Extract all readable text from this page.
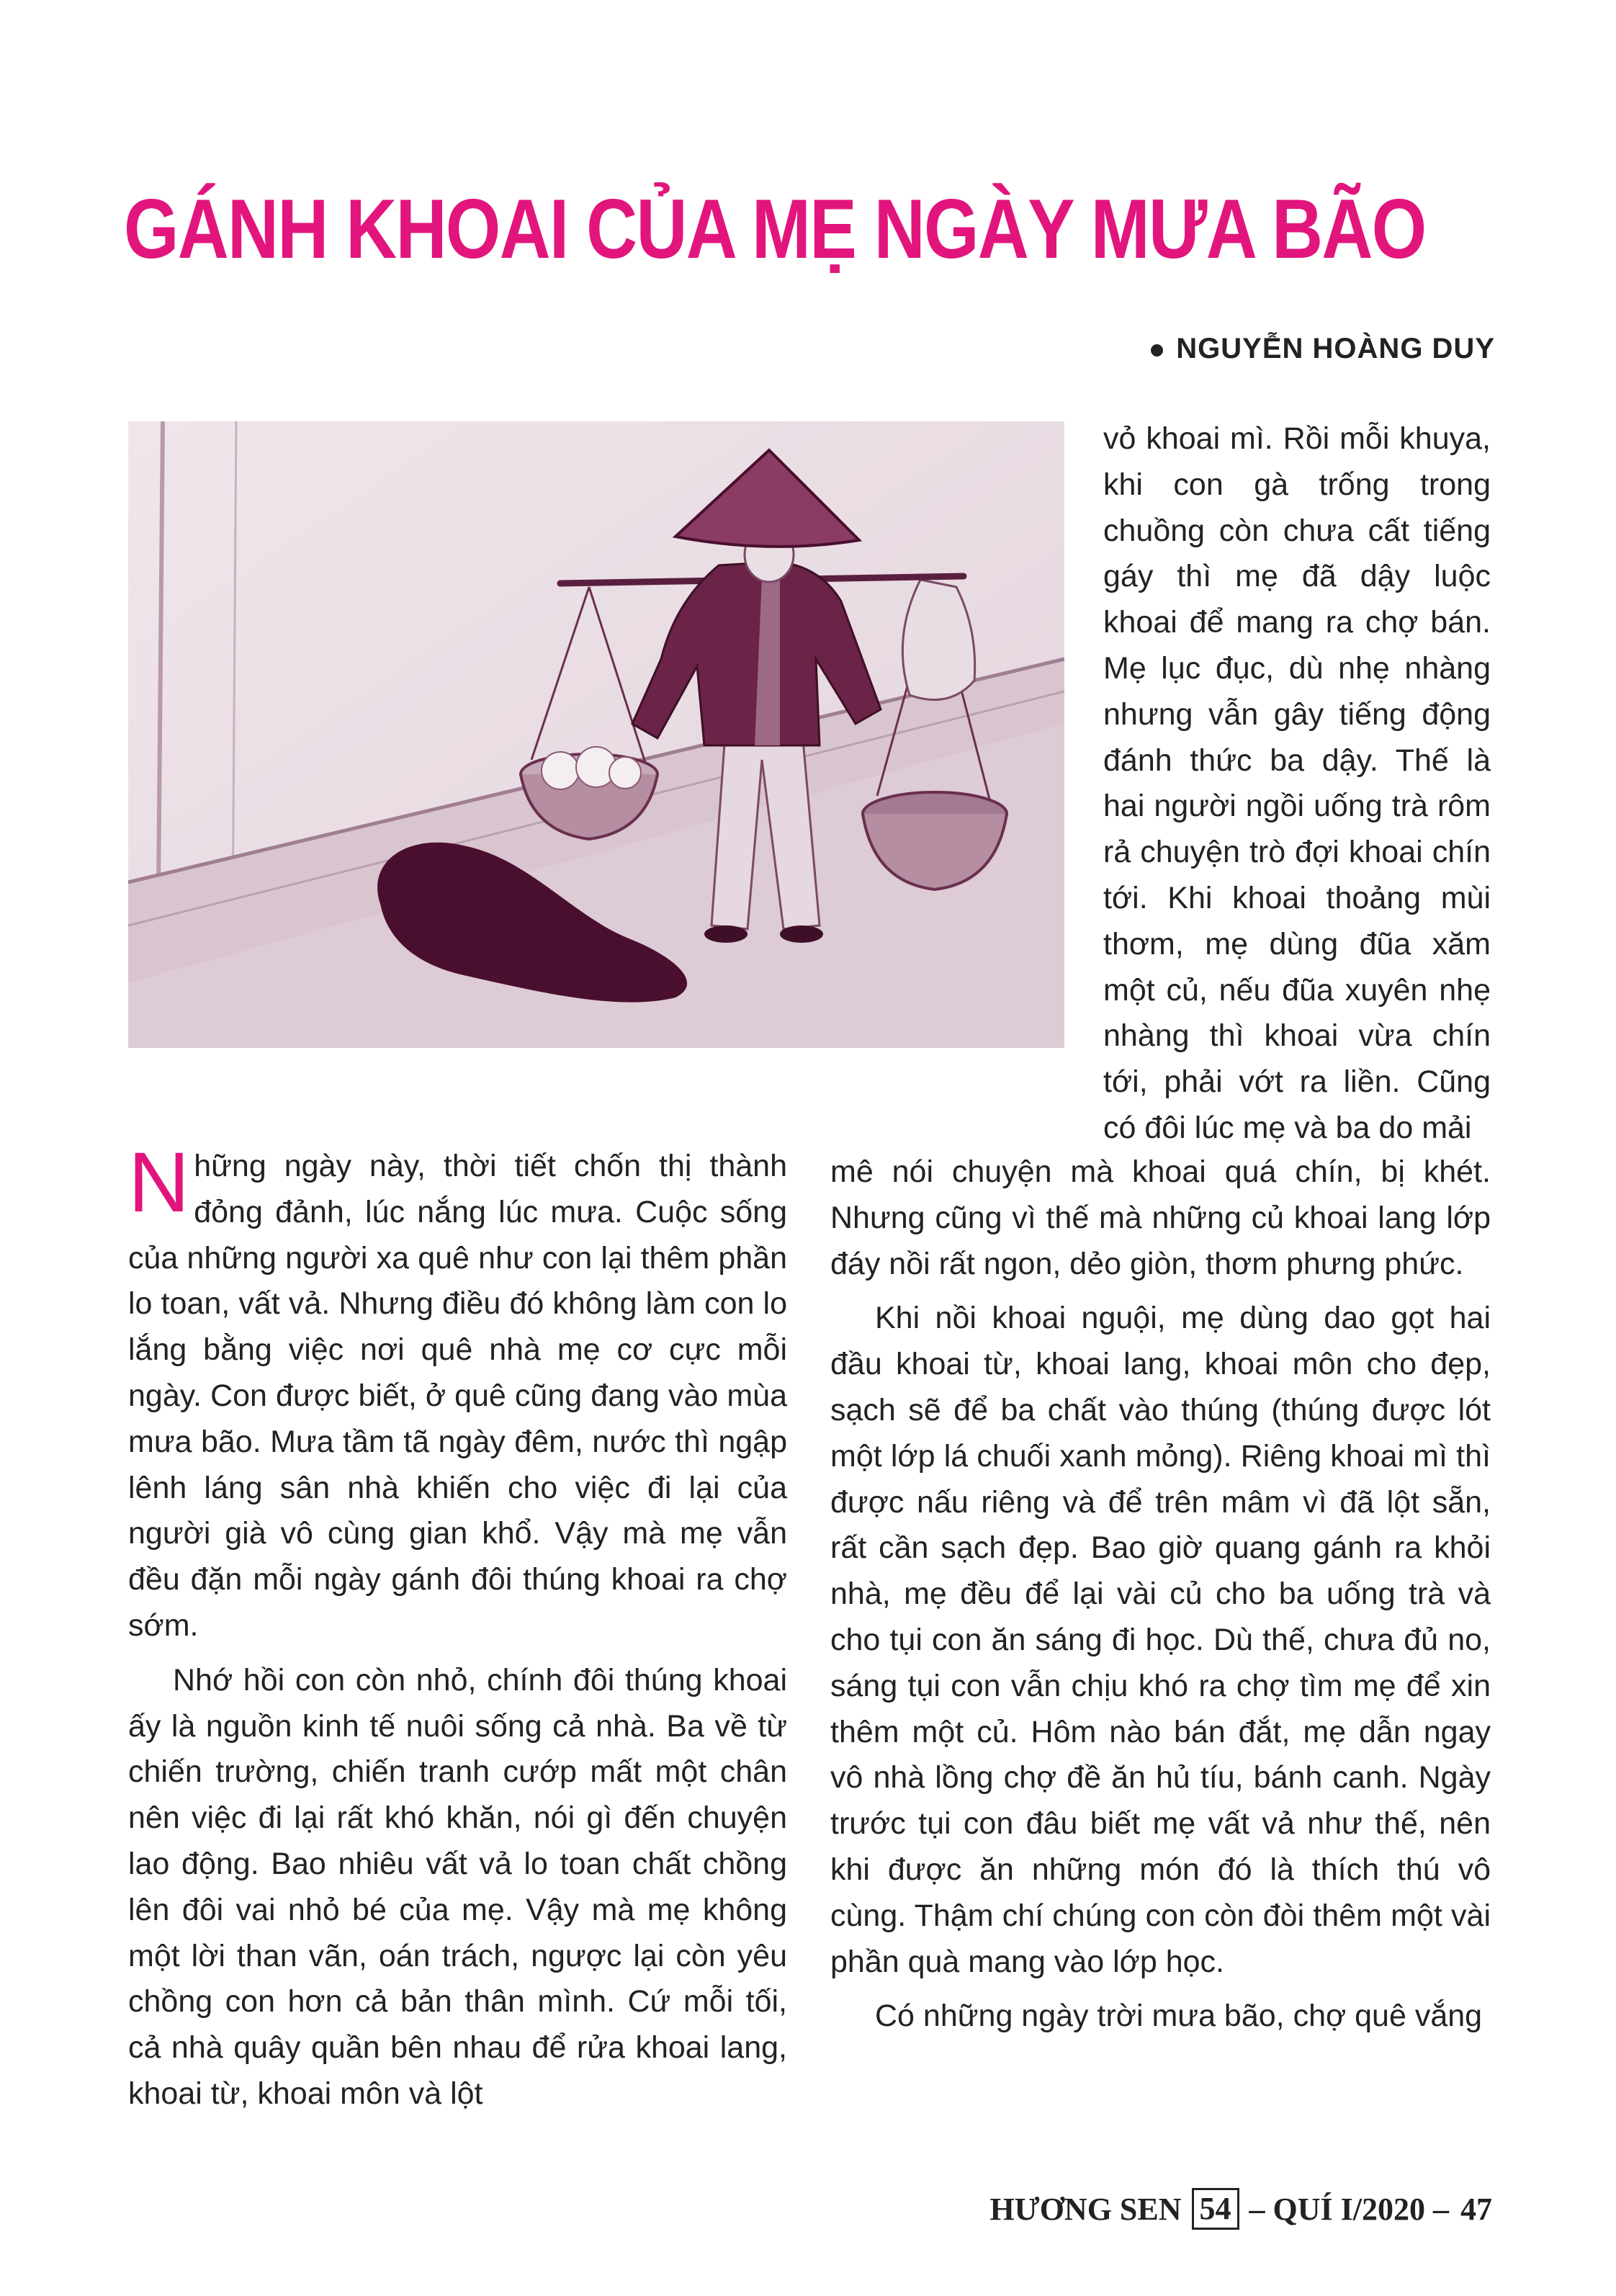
GÁNH KHOAI CỦA MẸ NGÀY MƯA BÃO
NGUYỄN HOÀNG DUY

vỏ khoai mì. Rồi mỗi khuya, khi con gà trống trong chuồng còn chưa cất tiếng gáy thì mẹ đã dậy luộc khoai để mang ra chợ bán. Mẹ lục đục, dù nhẹ nhàng nhưng vẫn gây tiếng động đánh thức ba dậy. Thế là hai người ngồi uống trà rôm rả chuyện trò đợi khoai chín tới. Khi khoai thoảng mùi thơm, mẹ dùng đũa xăm một củ, nếu đũa xuyên nhẹ nhàng thì khoai vừa chín tới, phải vớt ra liền. Cũng có đôi lúc mẹ và ba do mải

Những ngày này, thời tiết chốn thị thành đỏng đảnh, lúc nắng lúc mưa. Cuộc sống của những người xa quê như con lại thêm phần lo toan, vất vả. Nhưng điều đó không làm con lo lắng bằng việc nơi quê nhà mẹ cơ cực mỗi ngày. Con được biết, ở quê cũng đang vào mùa mưa bão. Mưa tầm tã ngày đêm, nước thì ngập lênh láng sân nhà khiến cho việc đi lại của người già vô cùng gian khổ. Vậy mà mẹ vẫn đều đặn mỗi ngày gánh đôi thúng khoai ra chợ sớm.

Nhớ hồi con còn nhỏ, chính đôi thúng khoai ấy là nguồn kinh tế nuôi sống cả nhà. Ba về từ chiến trường, chiến tranh cướp mất một chân nên việc đi lại rất khó khăn, nói gì đến chuyện lao động. Bao nhiêu vất vả lo toan chất chồng lên đôi vai nhỏ bé của mẹ. Vậy mà mẹ không một lời than vãn, oán trách, ngược lại còn yêu chồng con hơn cả bản thân mình. Cứ mỗi tối, cả nhà quây quần bên nhau để rửa khoai lang, khoai từ, khoai môn và lột

mê nói chuyện mà khoai quá chín, bị khét. Nhưng cũng vì thế mà những củ khoai lang lớp đáy nồi rất ngon, dẻo giòn, thơm phưng phức.

Khi nồi khoai nguội, mẹ dùng dao gọt hai đầu khoai từ, khoai lang, khoai môn cho đẹp, sạch sẽ để ba chất vào thúng (thúng được lót một lớp lá chuối xanh mỏng). Riêng khoai mì thì được nấu riêng và để trên mâm vì đã lột sẵn, rất cần sạch đẹp. Bao giờ quang gánh ra khỏi nhà, mẹ đều để lại vài củ cho ba uống trà và cho tụi con ăn sáng đi học. Dù thế, chưa đủ no, sáng tụi con vẫn chịu khó ra chợ tìm mẹ để xin thêm một củ. Hôm nào bán đắt, mẹ dẫn ngay vô nhà lồng chợ đề ăn hủ tíu, bánh canh. Ngày trước tụi con đâu biết mẹ vất vả như thế, nên khi được ăn những món đó là thích thú vô cùng. Thậm chí chúng con còn đòi thêm một vài phần quà mang vào lớp học.

Có những ngày trời mưa bão, chợ quê vắng

HƯƠNG SEN 54 – QUÍ I/2020 – 47
